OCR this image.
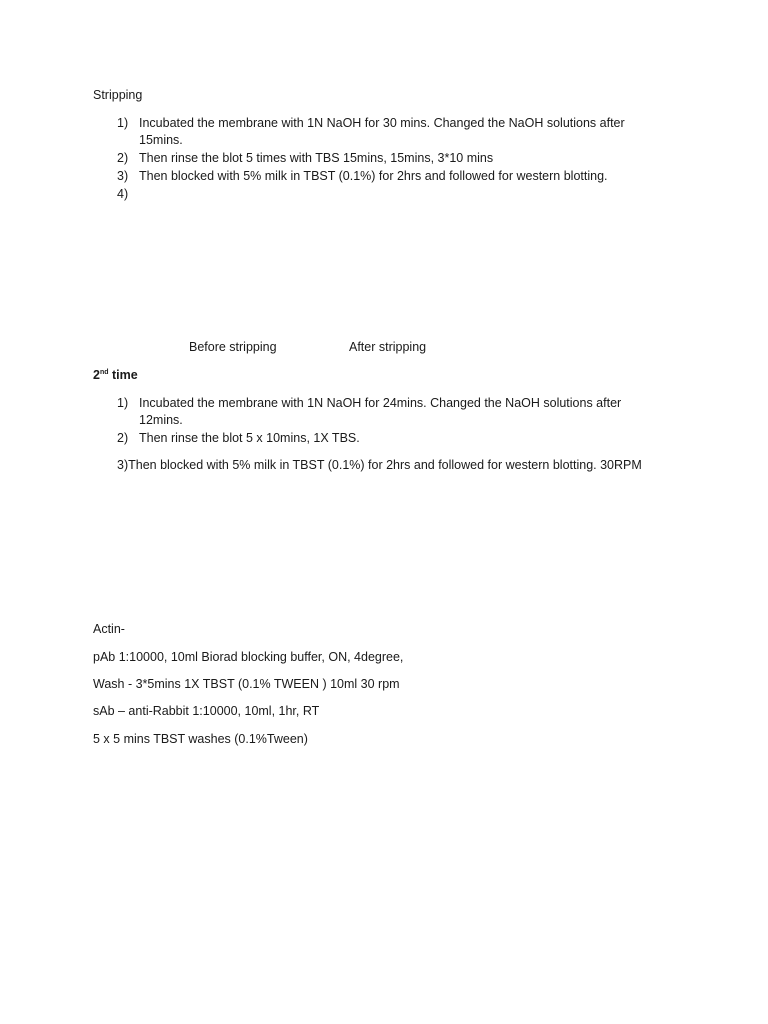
Stripping
1) Incubated the membrane with 1N NaOH for 30 mins. Changed the NaOH solutions after
15mins.
2) Then rinse the blot 5 times with TBS 15mins, 15mins, 3*10 mins
3) Then blocked with 5% milk in TBST (0.1%) for 2hrs and followed for western blotting.
4)
Before stripping	After stripping
2nd time
1) Incubated the membrane with 1N NaOH for 24mins. Changed the NaOH solutions after
12mins.
2) Then rinse the blot 5 x 10mins, 1X TBS.
3)Then blocked with 5% milk in TBST (0.1%) for 2hrs and followed for western blotting. 30RPM
Actin-
pAb 1:10000, 10ml Biorad blocking buffer, ON, 4degree,
Wash - 3*5mins 1X TBST (0.1% TWEEN ) 10ml 30 rpm
sAb – anti-Rabbit 1:10000, 10ml, 1hr, RT
5 x 5 mins TBST washes (0.1%Tween)
